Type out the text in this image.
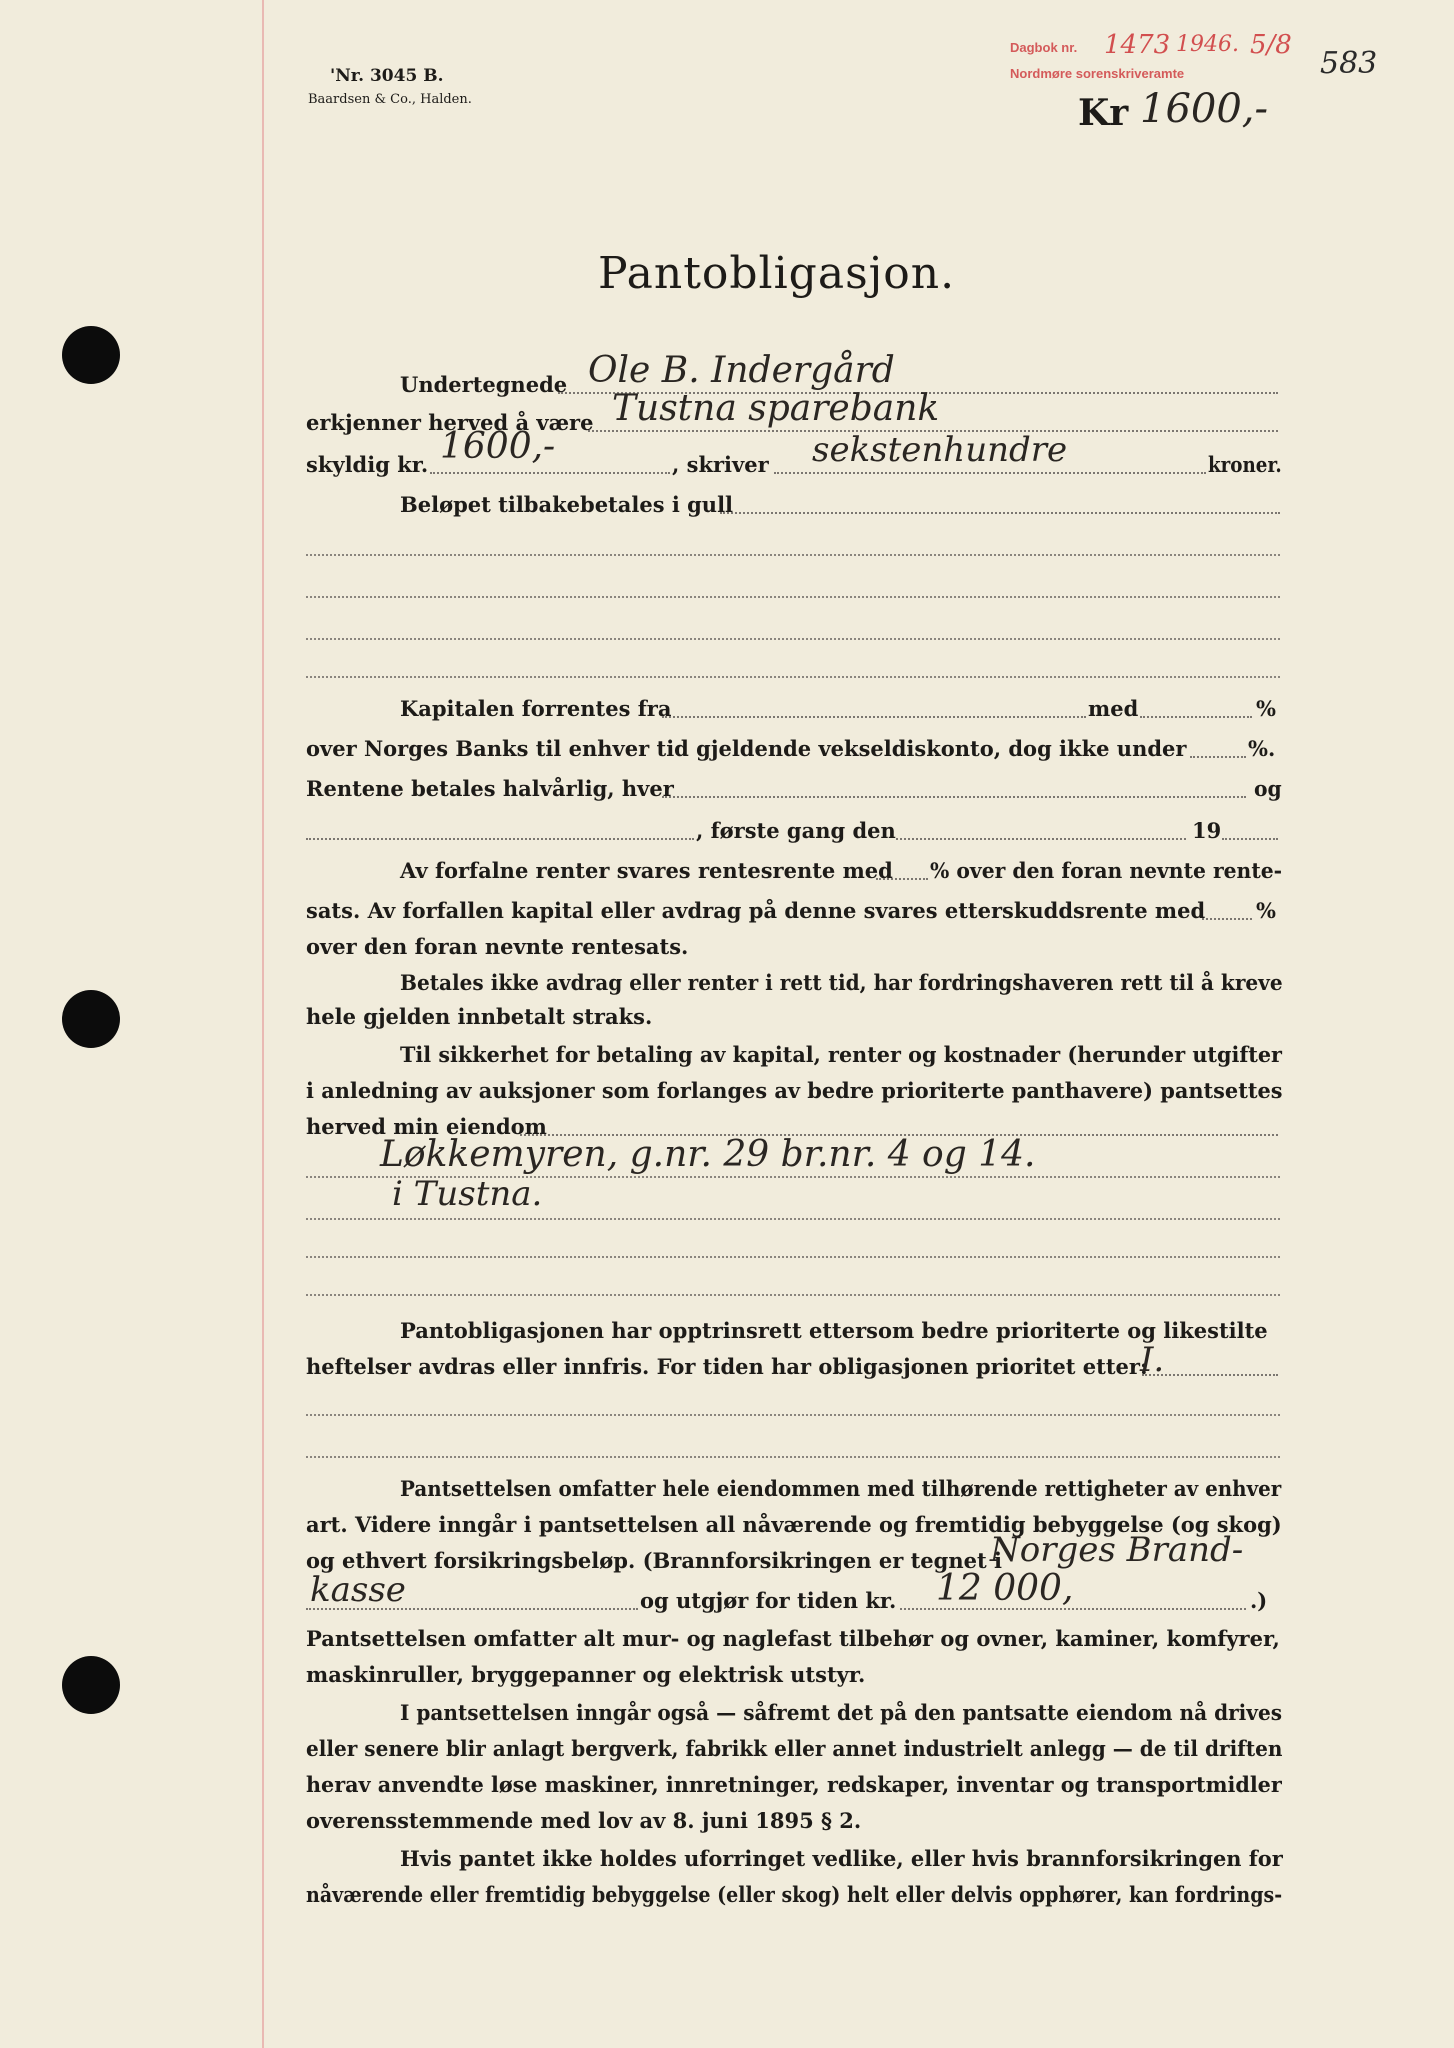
'Nr. 3045 B.
Baardsen & Co., Halden.
Dagbok nr.
Nordmøre sorenskriveramte
1473 1946. 5/8
583
Kr 1600,-
Pantobligasjon.
Undertegnede Ole B. Indergård
erkjenner herved å være Tustna sparebank
skyldig kr. 1600,-	, skriver sekstenhundre	kroner.
Beløpet tilbakebetales i gull
Kapitalen forrentes fra	med	%
over Norges Banks til enhver tid gjeldende vekseldiskonto, dog ikke under	%.
Rentene betales halvårlig, hver	og
, første gang den	19
Av forfalne renter svares rentesrente med % over den foran nevnte rente-
sats. Av forfallen kapital eller avdrag på denne svares etterskuddsrente med %
over den foran nevnte rentesats.
Betales ikke avdrag eller renter i rett tid, har fordringshaveren rett til å kreve
hele gjelden innbetalt straks.
Til sikkerhet for betaling av kapital, renter og kostnader (herunder utgifter
i anledning av auksjoner som forlanges av bedre prioriterte panthavere) pantsettes
herved min eiendom
Løkkemyren, g.nr. 29 br.nr. 4 og 14.
i Tustna.
Pantobligasjonen har opptrinsrett ettersom bedre prioriterte og likestilte
heftelser avdras eller innfris. For tiden har obligasjonen prioritet etter:
I.
Pantsettelsen omfatter hele eiendommen med tilhørende rettigheter av enhver
art. Videre inngår i pantsettelsen all nåværende og fremtidig bebyggelse (og skog)
og ethvert forsikringsbeløp. (Brannforsikringen er tegnet i
Norges Brand-
kasse	og utgjør for tiden kr. 12 000,	.)
Pantsettelsen omfatter alt mur- og naglefast tilbehør og ovner, kaminer, komfyrer,
maskinruller, bryggepanner og elektrisk utstyr.
I pantsettelsen inngår også — såfremt det på den pantsatte eiendom nå drives
eller senere blir anlagt bergverk, fabrikk eller annet industrielt anlegg — de til driften
herav anvendte løse maskiner, innretninger, redskaper, inventar og transportmidler
overensstemmende med lov av 8. juni 1895 § 2.
Hvis pantet ikke holdes uforringet vedlike, eller hvis brannforsikringen for
nåværende eller fremtidig bebyggelse (eller skog) helt eller delvis opphører, kan fordrings-
